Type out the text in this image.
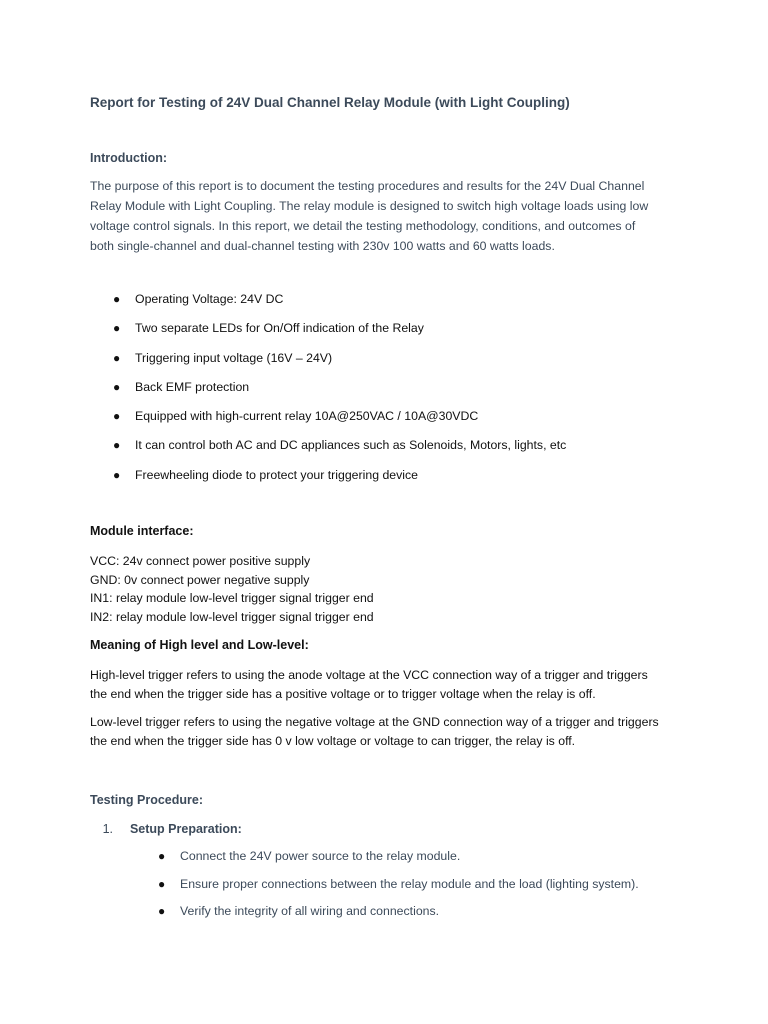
Report for Testing of 24V Dual Channel Relay Module (with Light Coupling)
Introduction:
The purpose of this report is to document the testing procedures and results for the 24V Dual Channel
Relay Module with Light Coupling. The relay module is designed to switch high voltage loads using low
voltage control signals. In this report, we detail the testing methodology, conditions, and outcomes of
both single-channel and dual-channel testing with 230v 100 watts and 60 watts loads.
● Operating Voltage: 24V DC
● Two separate LEDs for On/Off indication of the Relay
● Triggering input voltage (16V – 24V)
● Back EMF protection
● Equipped with high-current relay 10A@250VAC / 10A@30VDC
● It can control both AC and DC appliances such as Solenoids, Motors, lights, etc
● Freewheeling diode to protect your triggering device
Module interface:
VCC: 24v connect power positive supply
GND: 0v connect power negative supply
IN1: relay module low-level trigger signal trigger end
IN2: relay module low-level trigger signal trigger end
Meaning of High level and Low-level:
High-level trigger refers to using the anode voltage at the VCC connection way of a trigger and triggers
the end when the trigger side has a positive voltage or to trigger voltage when the relay is off.
Low-level trigger refers to using the negative voltage at the GND connection way of a trigger and triggers
the end when the trigger side has 0 v low voltage or voltage to can trigger, the relay is off.
Testing Procedure:
1. Setup Preparation:
● Connect the 24V power source to the relay module.
● Ensure proper connections between the relay module and the load (lighting system).
● Verify the integrity of all wiring and connections.
